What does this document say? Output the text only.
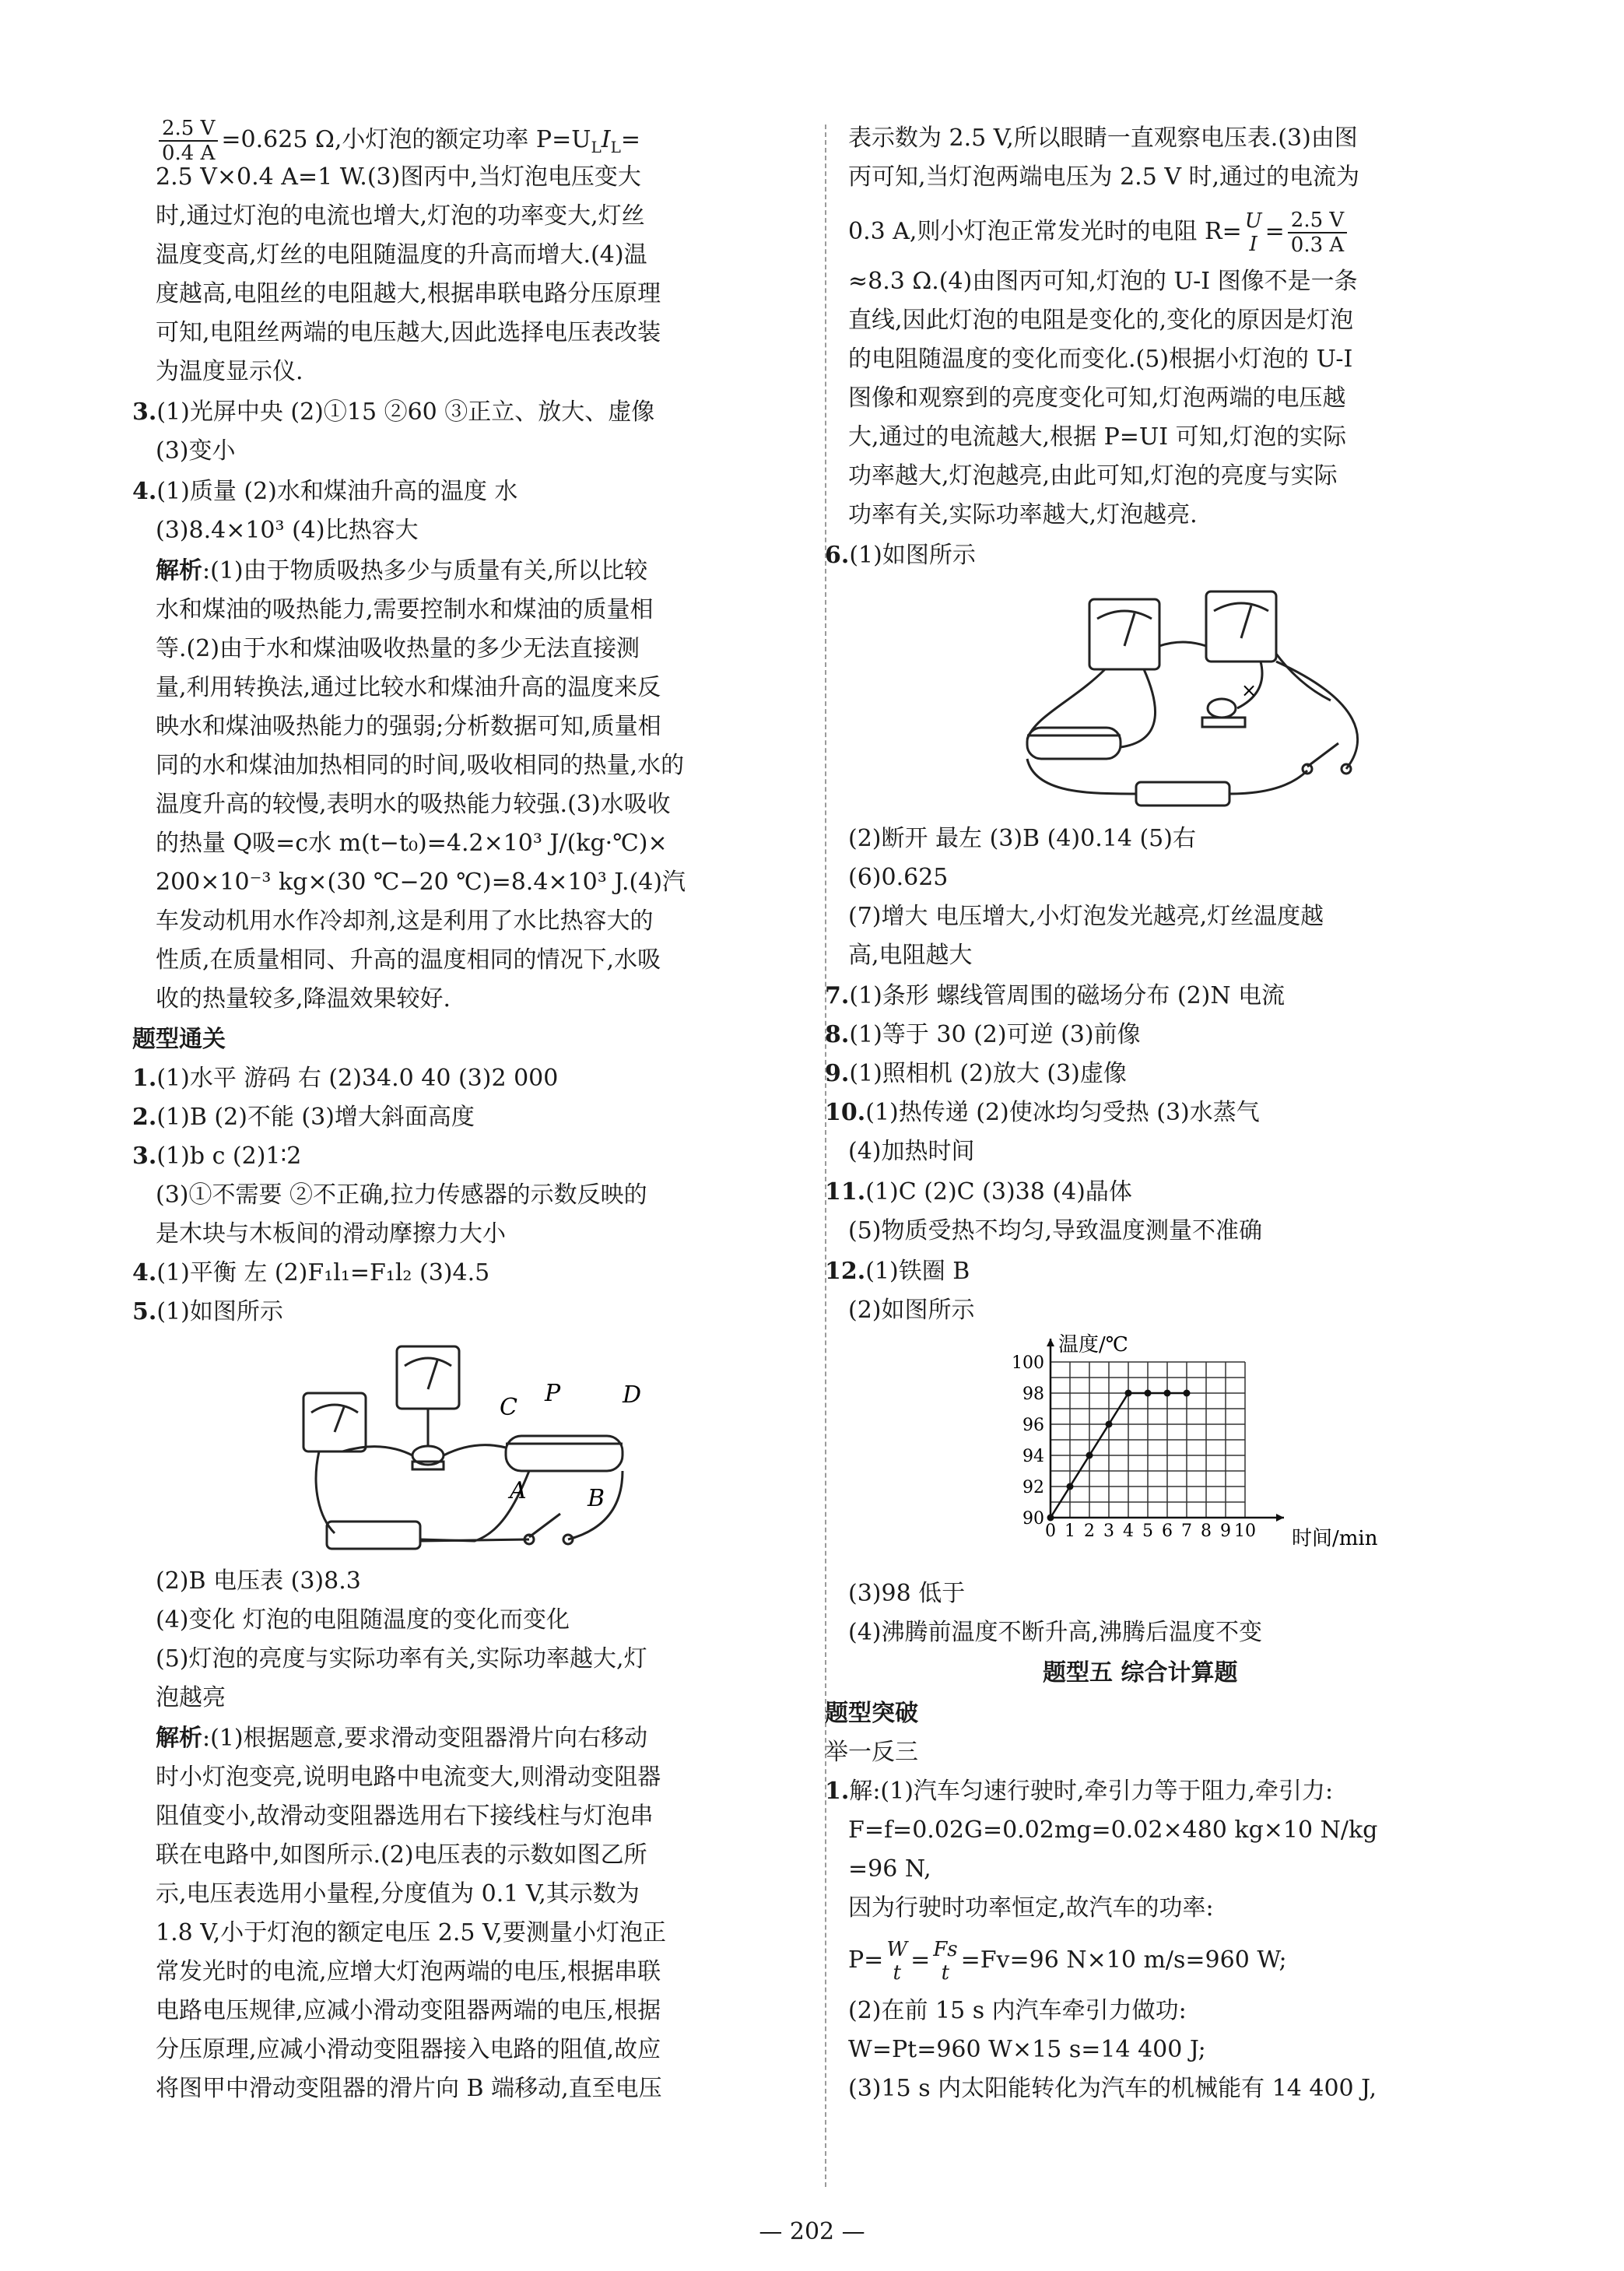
$\frac{2.5 V}{0.4 A} =0.625$ Ω,小灯泡的额定功率 $P=U_LI_L=$
2.5 V×0.4 A=1 W.(3)图丙中,当灯泡电压变大
时,通过灯泡的电流也增大,灯泡的功率变大,灯丝
温度变高,灯丝的电阻随温度的升高而增大.(4)温
度越高,电阻丝的电阻越大,根据串联电路分压原理
可知,电阻丝两端的电压越大,因此选择电压表改装
为温度显示仪.
3.(1)光屏中央 (2)①15 ②60 ③正立、放大、虚像
(3)变小
4.(1)质量 (2)水和煤油升高的温度 水
(3)8.4×10³ (4)比热容大
解析:(1)由于物质吸热多少与质量有关,所以比较
水和煤油的吸热能力,需要控制水和煤油的质量相
等.(2)由于水和煤油吸收热量的多少无法直接测
量,利用转换法,通过比较水和煤油升高的温度来反
映水和煤油吸热能力的强弱;分析数据可知,质量相
同的水和煤油加热相同的时间,吸收相同的热量,水的
温度升高的较慢,表明水的吸热能力较强.(3)水吸收
的热量 Q吸=c水 m(t−t₀)=4.2×10³ J/(kg·℃)×
200×10⁻³ kg×(30 ℃−20 ℃)=8.4×10³ J.(4)汽
车发动机用水作冷却剂,这是利用了水比热容大的
性质,在质量相同、升高的温度相同的情况下,水吸
收的热量较多,降温效果较好.
题型通关
1.(1)水平 游码 右 (2)34.0 40 (3)2 000
2.(1)B (2)不能 (3)增大斜面高度
3.(1)b c (2)1∶2
(3)①不需要 ②不正确,拉力传感器的示数反映的
是木块与木板间的滑动摩擦力大小
4.(1)平衡 左 (2)F₁l₁=F₁l₂ (3)4.5
5.(1)如图所示
C
P	D
A	B
(2)B 电压表 (3)8.3
(4)变化 灯泡的电阻随温度的变化而变化
(5)灯泡的亮度与实际功率有关,实际功率越大,灯
泡越亮
解析:(1)根据题意,要求滑动变阻器滑片向右移动
时小灯泡变亮,说明电路中电流变大,则滑动变阻器
阻值变小,故滑动变阻器选用右下接线柱与灯泡串
联在电路中,如图所示.(2)电压表的示数如图乙所
示,电压表选用小量程,分度值为 0.1 V,其示数为
1.8 V,小于灯泡的额定电压 2.5 V,要测量小灯泡正
常发光时的电流,应增大灯泡两端的电压,根据串联
电路电压规律,应减小滑动变阻器两端的电压,根据
分压原理,应减小滑动变阻器接入电路的阻值,故应
将图甲中滑动变阻器的滑片向 B 端移动,直至电压
表示数为 2.5 V,所以眼睛一直观察电压表.(3)由图
丙可知,当灯泡两端电压为 2.5 V 时,通过的电流为
0.3 A,则小灯泡正常发光时的电阻 R= U
$I = \frac{2.5 V}{0.3 A}$
≈8.3 Ω.(4)由图丙可知,灯泡的 U-I 图像不是一条
直线,因此灯泡的电阻是变化的,变化的原因是灯泡
的电阻随温度的变化而变化.(5)根据小灯泡的 U-I
图像和观察到的亮度变化可知,灯泡两端的电压越
大,通过的电流越大,根据 P=UI 可知,灯泡的实际
功率越大,灯泡越亮,由此可知,灯泡的亮度与实际
功率有关,实际功率越大,灯泡越亮.
6.(1)如图所示
×
(2)断开 最左 (3)B (4)0.14 (5)右
(6)0.625
(7)增大 电压增大,小灯泡发光越亮,灯丝温度越
高,电阻越大
7.(1)条形 螺线管周围的磁场分布 (2)N 电流
8.(1)等于 30 (2)可逆 (3)前像
9.(1)照相机 (2)放大 (3)虚像
10.(1)热传递 (2)使冰均匀受热 (3)水蒸气
(4)加热时间
11.(1)C (2)C (3)38 (4)晶体
(5)物质受热不均匀,导致温度测量不准确
12.(1)铁圈 B
(2)如图所示
0 1 2 3 4 5 6 7 8 9 10
90
92
94
96
98
100
温度/℃
时间/min
(3)98 低于
(4)沸腾前温度不断升高,沸腾后温度不变
题型五 综合计算题
题型突破
举一反三
1.解:(1)汽车匀速行驶时,牵引力等于阻力,牵引力:
F=f=0.02G=0.02mg=0.02×480 kg×10 N/kg
=96 N,
因为行驶时功率恒定,故汽车的功率:
P= W
t = Fs
t =Fv=96 N×10 m/s=960 W;
(2)在前 15 s 内汽车牵引力做功:
W=Pt=960 W×15 s=14 400 J;
(3)15 s 内太阳能转化为汽车的机械能有 14 400 J,
— 202 —
